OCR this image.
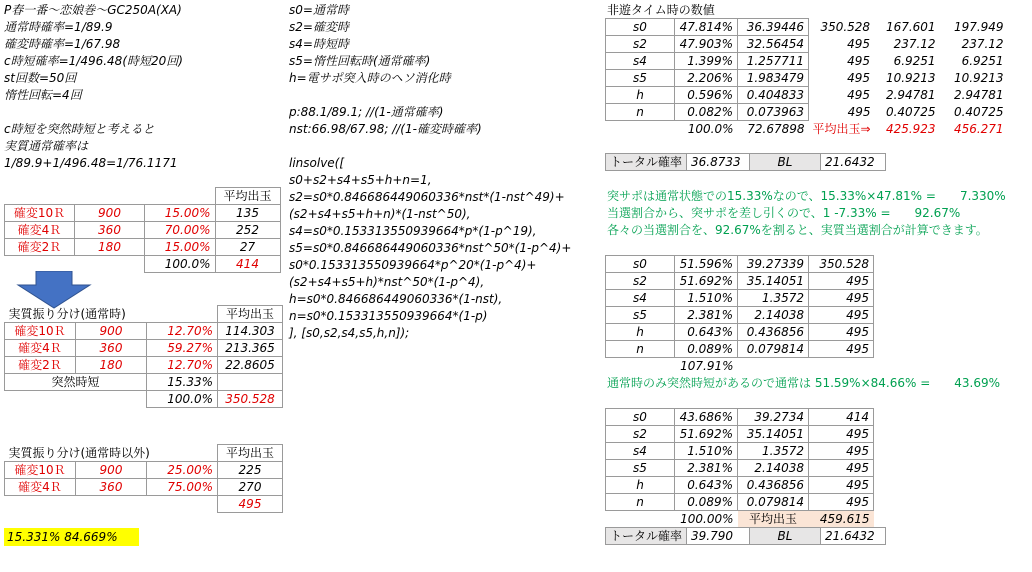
P春一番～恋娘巻～GC250A(XA)
通常時確率=1/89.9
確変時確率=1/67.98
c時短確率=1/496.48(時短20回)
st回数=50回
惰性回転=4回
c時短を突然時短と考えると
実質通常確率は
1/89.9+1/496.48=1/76.1171
			平均出玉
確変10Ｒ	900	15.00%	135
確変4Ｒ	360	70.00%	252
確変2Ｒ	180	15.00%	27
		100.0%	414
実質振り分け(通常時)			平均出玉
確変10Ｒ	900	12.70%	114.303
確変4Ｒ	360	59.27%	213.365
確変2Ｒ	180	12.70%	22.8605
突然時短		15.33%	
		100.0%	350.528
実質振り分け(通常時以外)			平均出玉
確変10Ｒ	900	25.00%	225
確変4Ｒ	360	75.00%	270
			495
15.331% 84.669%
s0=通常時
s2=確変時
s4=時短時
s5=惰性回転時(通常確率)
h=電サポ突入時のヘソ消化時
p:88.1/89.1; //(1-通常確率)
nst:66.98/67.98; //(1-確変時確率)
linsolve([
s0+s2+s4+s5+h+n=1,
s2=s0*0.846686449060336*nst*(1-nst^49)+
(s2+s4+s5+h+n)*(1-nst^50),
s4=s0*0.153313550939664*p*(1-p^19),
s5=s0*0.846686449060336*nst^50*(1-p^4)+
s0*0.153313550939664*p^20*(1-p^4)+
(s2+s4+s5+h)*nst^50*(1-p^4),
h=s0*0.846686449060336*(1-nst),
n=s0*0.153313550939664*(1-p)
], [s0,s2,s4,s5,h,n]);
非遊タイム時の数値
s0	47.814%	36.39446	350.528	167.601	197.949
s2	47.903%	32.56454	495	237.12	237.12
s4	1.399%	1.257711	495	6.9251	6.9251
s5	2.206%	1.983479	495	10.9213	10.9213
h	0.596%	0.404833	495	2.94781	2.94781
n	0.082%	0.073963	495	0.40725	0.40725
	100.0%	72.67898	平均出玉⇒	425.923	456.271
トータル確率	36.8733	BL	21.6432
突サポは通常状態での15.33%なので、15.33%×47.81% =　　7.330%
当選割合から、突サポを差し引くので、1 -7.33% =　　92.67%
各々の当選割合を、92.67%を割ると、実質当選割合が計算できます。
s0	51.596%	39.27339	350.528
s2	51.692%	35.14051	495
s4	1.510%	1.3572	495
s5	2.381%	2.14038	495
h	0.643%	0.436856	495
n	0.089%	0.079814	495
	107.91%		
通常時のみ突然時短があるので通常は 51.59%×84.66% =　　43.69%
s0	43.686%	39.2734	414
s2	51.692%	35.14051	495
s4	1.510%	1.3572	495
s5	2.381%	2.14038	495
h	0.643%	0.436856	495
n	0.089%	0.079814	495
	100.00%	平均出玉	459.615
トータル確率	39.790	BL	21.6432
